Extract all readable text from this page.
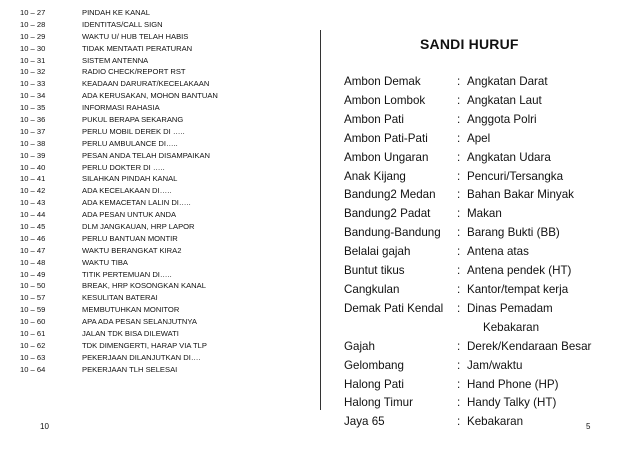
10 – 27	PINDAH KE KANAL
10 – 28	IDENTITAS/CALL SIGN
10 – 29	WAKTU U/ HUB TELAH HABIS
10 – 30	TIDAK MENTAATI PERATURAN
10 – 31	SISTEM ANTENNA
10 – 32	RADIO CHECK/REPORT RST
10 – 33	KEADAAN DARURAT/KECELAKAAN
10 – 34	ADA KERUSAKAN, MOHON BANTUAN
10 – 35	INFORMASI RAHASIA
10 – 36	PUKUL BERAPA SEKARANG
10 – 37	PERLU MOBIL DEREK DI …..
10 – 38	PERLU AMBULANCE DI…..
10 – 39	PESAN ANDA TELAH DISAMPAIKAN
10 – 40	PERLU DOKTER DI …..
10 – 41	SILAHKAN PINDAH KANAL
10 – 42	ADA KECELAKAAN DI…..
10 – 43	ADA KEMACETAN LALIN DI…..
10 – 44	ADA PESAN UNTUK ANDA
10 – 45	DLM JANGKAUAN, HRP LAPOR
10 – 46	PERLU BANTUAN MONTIR
10 – 47	WAKTU BERANGKAT KIRA2
10 – 48	WAKTU TIBA
10 – 49	TITIK PERTEMUAN DI…..
10 – 50	BREAK, HRP KOSONGKAN KANAL
10 – 57	KESULITAN BATERAI
10 – 59	MEMBUTUHKAN MONITOR
10 – 60	APA ADA PESAN SELANJUTNYA
10 – 61	JALAN TDK BISA DILEWATI
10 – 62	TDK DIMENGERTI, HARAP VIA TLP
10 – 63	PEKERJAAN DILANJUTKAN DI….
10 – 64	PEKERJAAN TLH SELESAI
10
SANDI HURUF
Ambon Demak	: Angkatan Darat
Ambon Lombok	: Angkatan Laut
Ambon Pati	: Anggota Polri
Ambon Pati-Pati	: Apel
Ambon Ungaran : Angkatan Udara
Anak Kijang	: Pencuri/Tersangka
Bandung2 Medan : Bahan Bakar Minyak
Bandung2 Padat : Makan
Bandung-Bandung : Barang Bukti (BB)
Belalai gajah	: Antena atas
Buntut tikus	: Antena pendek (HT)
Cangkulan	: Kantor/tempat kerja
Demak Pati Kendal : Dinas Pemadam
Kebakaran
Gajah	: Derek/Kendaraan Besar
Gelombang	: Jam/waktu
Halong Pati	: Hand Phone (HP)
Halong Timur	: Handy Talky (HT)
Jaya 65	: Kebakaran	5
